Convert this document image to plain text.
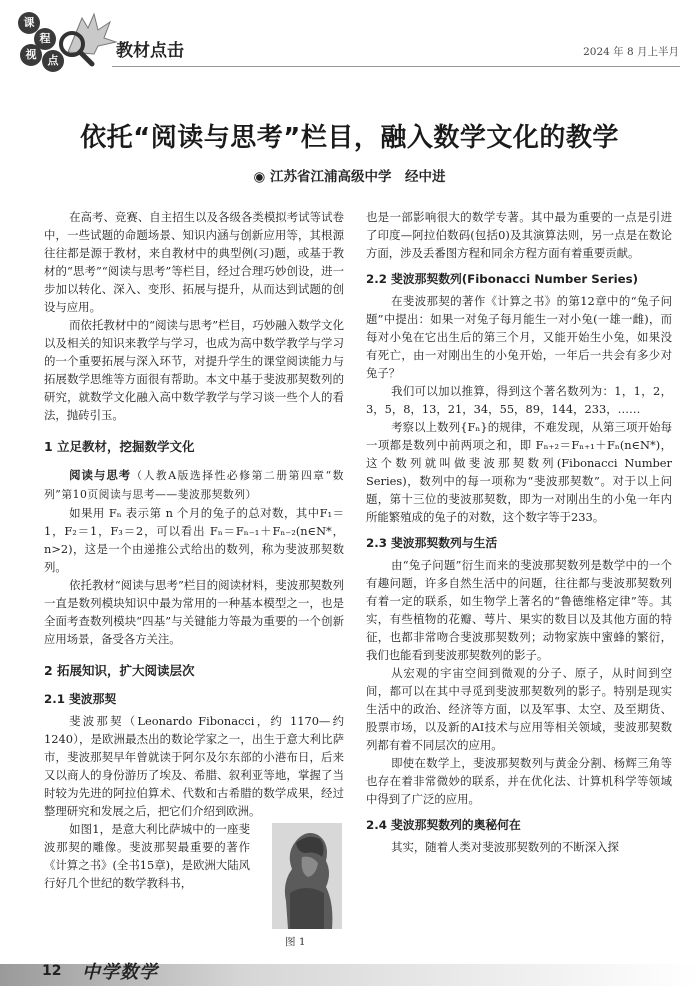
课
程
视	点	教材点击	2024 年 8 月上半月
依托“阅读与思考”栏目，融入数学文化的教学
◉ 江苏省江浦高级中学　经中进

在高考、竞赛、自主招生以及各级各类模拟考试等试卷中，一些试题的命题场景、知识内涵与创新应用等，其根源往往都是源于教材，来自教材中的典型例(习)题，或基于教材的“思考”“阅读与思考”等栏目，经过合理巧妙创设，进一步加以转化、深入、变形、拓展与提升，从而达到试题的创设与应用。

而依托教材中的“阅读与思考”栏目，巧妙融入数学文化以及相关的知识来教学与学习，也成为高中数学教学与学习的一个重要拓展与深入环节，对提升学生的课堂阅读能力与拓展数学思维等方面很有帮助。本文中基于斐波那契数列的研究，就数学文化融入高中数学教学与学习谈一些个人的看法，抛砖引玉。

1 立足教材，挖掘数学文化

阅读与思考（人教A版选择性必修第二册第四章“数列”第10页阅读与思考——斐波那契数列）

如果用 Fₙ 表示第 n 个月的兔子的总对数，其中F₁＝1，F₂＝1，F₃＝2，可以看出 Fₙ＝Fₙ₋₁＋Fₙ₋₂(n∈N*，n>2)，这是一个由递推公式给出的数列，称为斐波那契数列。

依托教材“阅读与思考”栏目的阅读材料，斐波那契数列一直是数列模块知识中最为常用的一种基本模型之一，也是全面考查数列模块“四基”与关键能力等最为重要的一个创新应用场景，备受各方关注。

2 拓展知识，扩大阅读层次
2.1 斐波那契

斐波那契（Leonardo Fibonacci，约 1170—约1240），是欧洲最杰出的数论学家之一，出生于意大利比萨市，斐波那契早年曾就读于阿尔及尔东部的小港布日，后来又以商人的身份游历了埃及、希腊、叙利亚等地，掌握了当时较为先进的阿拉伯算术、代数和古希腊的数学成果，经过整理研究和发展之后，把它们介绍到欧洲。

如图1，是意大利比萨城中的一座斐波那契的雕像。斐波那契最重要的著作《计算之书》(全书15章)，是欧洲大陆风行好几个世纪的数学教科书，

图 1

也是一部影响很大的数学专著。其中最为重要的一点是引进了印度—阿拉伯数码(包括0)及其演算法则，另一点是在数论方面，涉及丢番图方程和同余方程方面有着重要贡献。

2.2 斐波那契数列(Fibonacci Number Series)

在斐波那契的著作《计算之书》的第12章中的“兔子问题”中提出：如果一对兔子每月能生一对小兔(一雄一雌)，而每对小兔在它出生后的第三个月，又能开始生小兔，如果没有死亡，由一对刚出生的小兔开始，一年后一共会有多少对兔子？

我们可以加以推算，得到这个著名数列为：1，1，2，3，5，8，13，21，34，55，89，144，233，……

考察以上数列{Fₙ}的规律，不难发现，从第三项开始每一项都是数列中前两项之和，即 Fₙ₊₂＝Fₙ₊₁＋Fₙ(n∈N*)，这个数列就叫做斐波那契数列(Fibonacci Number Series)，数列中的每一项称为“斐波那契数”。对于以上问题，第十三位的斐波那契数，即为一对刚出生的小兔一年内所能繁殖成的兔子的对数，这个数字等于233。

2.3 斐波那契数列与生活

由“兔子问题”衍生而来的斐波那契数列是数学中的一个有趣问题，许多自然生活中的问题，往往都与斐波那契数列有着一定的联系，如生物学上著名的“鲁德维格定律”等。其实，有些植物的花瓣、萼片、果实的数目以及其他方面的特征，也都非常吻合斐波那契数列；动物家族中蜜蜂的繁衍，我们也能看到斐波那契数列的影子。

从宏观的宇宙空间到微观的分子、原子，从时间到空间，都可以在其中寻觅到斐波那契数列的影子。特别是现实生活中的政治、经济等方面，以及军事、太空、及至期货、股票市场，以及新的AI技术与应用等相关领域，斐波那契数列都有着不同层次的应用。

即使在数学上，斐波那契数列与黄金分割、杨辉三角等也存在着非常微妙的联系，并在优化法、计算机科学等领域中得到了广泛的应用。

2.4 斐波那契数列的奥秘何在

其实，随着人类对斐波那契数列的不断深入探

12 中学数学
